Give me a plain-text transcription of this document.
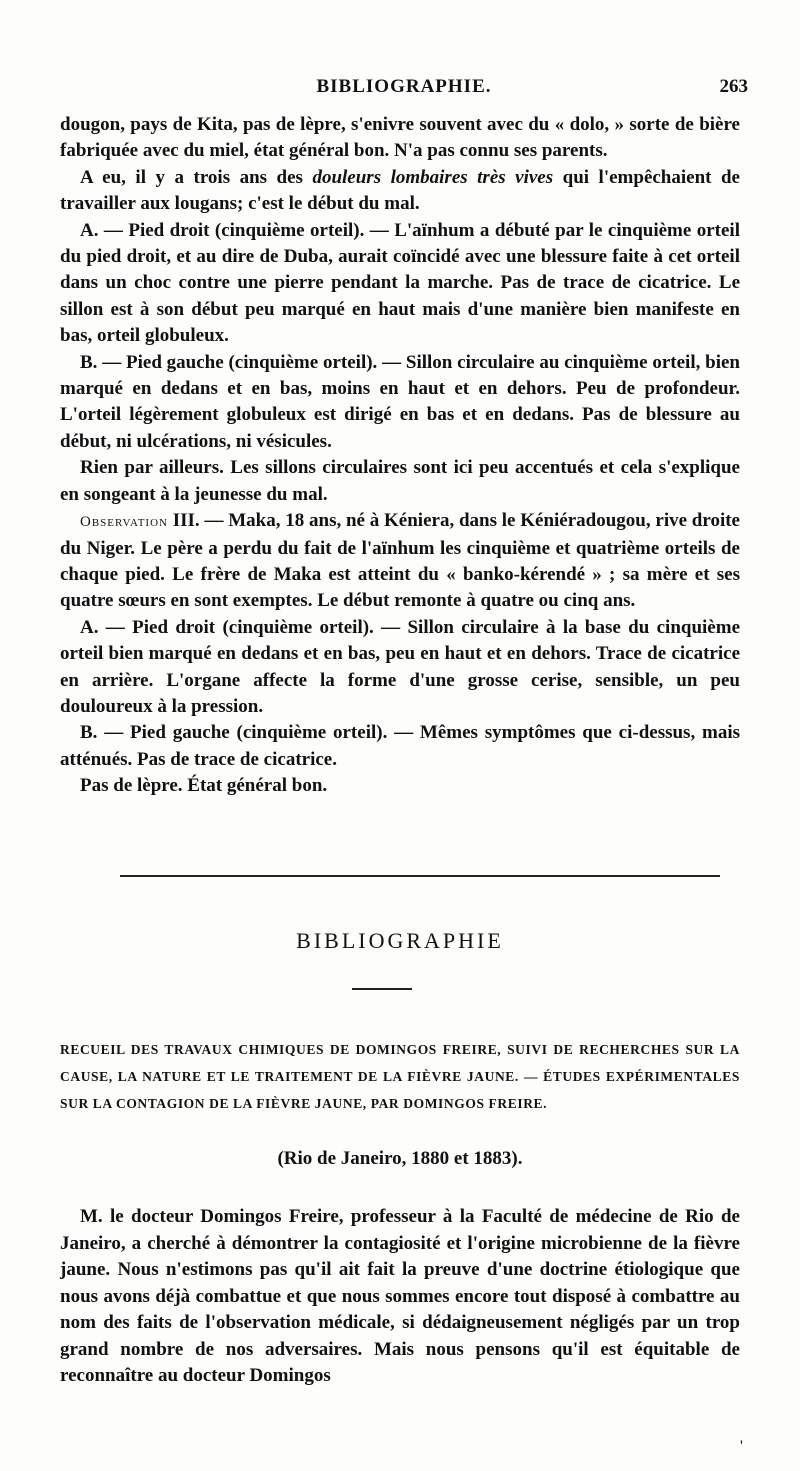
BIBLIOGRAPHIE.	263

dougon, pays de Kita, pas de lèpre, s'enivre souvent avec du « dolo, » sorte de bière fabriquée avec du miel, état général bon. N'a pas connu ses parents.

A eu, il y a trois ans des douleurs lombaires très vives qui l'empêchaient de travailler aux lougans; c'est le début du mal.

A. — Pied droit (cinquième orteil). — L'aïnhum a débuté par le cinquième orteil du pied droit, et au dire de Duba, aurait coïncidé avec une blessure faite à cet orteil dans un choc contre une pierre pendant la marche. Pas de trace de cicatrice. Le sillon est à son début peu marqué en haut mais d'une manière bien manifeste en bas, orteil globuleux.

B. — Pied gauche (cinquième orteil). — Sillon circulaire au cinquième orteil, bien marqué en dedans et en bas, moins en haut et en dehors. Peu de profondeur. L'orteil légèrement globuleux est dirigé en bas et en dedans. Pas de blessure au début, ni ulcérations, ni vésicules.

Rien par ailleurs. Les sillons circulaires sont ici peu accentués et cela s'explique en songeant à la jeunesse du mal.

Observation III. — Maka, 18 ans, né à Kéniera, dans le Kéniéradougou, rive droite du Niger. Le père a perdu du fait de l'aïnhum les cinquième et quatrième orteils de chaque pied. Le frère de Maka est atteint du « banko-kérendé » ; sa mère et ses quatre sœurs en sont exemptes. Le début remonte à quatre ou cinq ans.

A. — Pied droit (cinquième orteil). — Sillon circulaire à la base du cinquième orteil bien marqué en dedans et en bas, peu en haut et en dehors. Trace de cicatrice en arrière. L'organe affecte la forme d'une grosse cerise, sensible, un peu douloureux à la pression.

B. — Pied gauche (cinquième orteil). — Mêmes symptômes que ci-dessus, mais atténués. Pas de trace de cicatrice.

Pas de lèpre. État général bon.

BIBLIOGRAPHIE
RECUEIL DES TRAVAUX CHIMIQUES DE DOMINGOS FREIRE, SUIVI DE RECHERCHES SUR LA CAUSE, LA NATURE ET LE TRAITEMENT DE LA FIÈVRE JAUNE. — ÉTUDES EXPÉRIMENTALES SUR LA CONTAGION DE LA FIÈVRE JAUNE, PAR DOMINGOS FREIRE.
(Rio de Janeiro, 1880 et 1883).

M. le docteur Domingos Freire, professeur à la Faculté de médecine de Rio de Janeiro, a cherché à démontrer la contagiosité et l'origine microbienne de la fièvre jaune. Nous n'estimons pas qu'il ait fait la preuve d'une doctrine étiologique que nous avons déjà combattue et que nous sommes encore tout disposé à combattre au nom des faits de l'observation médicale, si dédaigneusement négligés par un trop grand nombre de nos adversaires. Mais nous pensons qu'il est équitable de reconnaître au docteur Domingos

'
